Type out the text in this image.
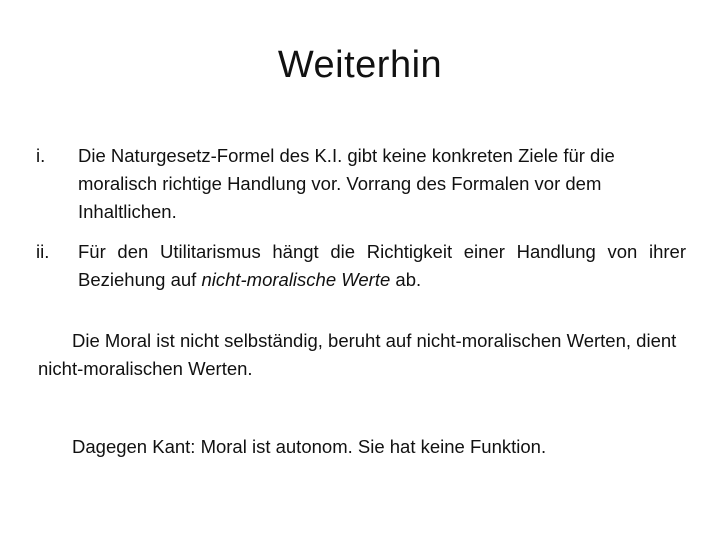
Weiterhin
i.	Die Naturgesetz-Formel des K.I. gibt keine konkreten Ziele für die moralisch richtige Handlung vor. Vorrang des Formalen vor dem Inhaltlichen.
ii.	Für den Utilitarismus hängt die Richtigkeit einer Handlung von ihrer Beziehung auf nicht-moralische Werte ab.

Die Moral ist nicht selbständig, beruht auf nicht-moralischen Werten, dient nicht-moralischen Werten.

Dagegen Kant: Moral ist autonom. Sie hat keine Funktion.
